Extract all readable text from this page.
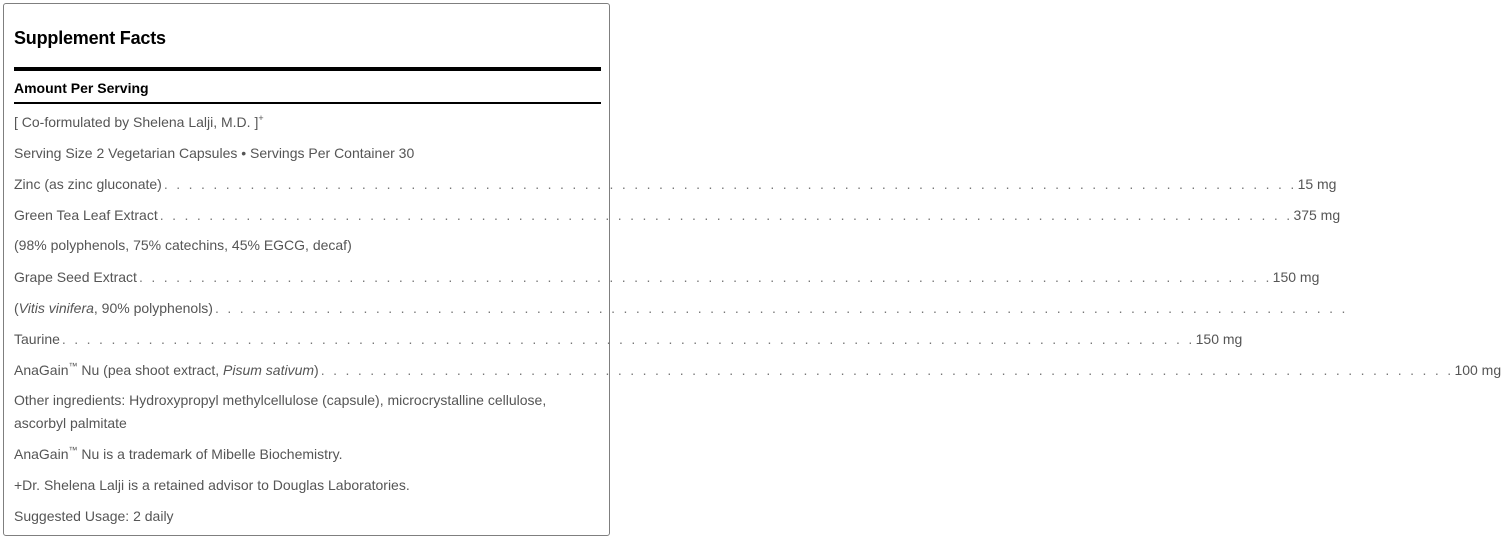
Supplement Facts
Amount Per Serving
[ Co-formulated by Shelena Lalji, M.D. ]+
Serving Size 2 Vegetarian Capsules • Servings Per Container 30
Zinc (as zinc gluconate) . . . . . . . . . . . . . . . . . . . . . . . . . . . . . . . . . . . . . . . . . . . . . . . . . . . . . . . . . . . . . . . . . . . . . . . . . . . . . . . . . . . . . . . . . . . . 15 mg
Green Tea Leaf Extract . . . . . . . . . . . . . . . . . . . . . . . . . . . . . . . . . . . . . . . . . . . . . . . . . . . . . . . . . . . . . . . . . . . . . . . . . . . . . . . . . . . . . . . . . . . . 375 mg
(98% polyphenols, 75% catechins, 45% EGCG, decaf)
Grape Seed Extract . . . . . . . . . . . . . . . . . . . . . . . . . . . . . . . . . . . . . . . . . . . . . . . . . . . . . . . . . . . . . . . . . . . . . . . . . . . . . . . . . . . . . . . . . . . . 150 mg
(Vitis vinifera, 90% polyphenols) . . . . . . . . . . . . . . . . . . . . . . . . . . . . . . . . . . . . . . . . . . . . . . . . . . . . . . . . . . . . . . . . . . . . . . . . . . . . . . . . . . . . . . . . . . . .
Taurine . . . . . . . . . . . . . . . . . . . . . . . . . . . . . . . . . . . . . . . . . . . . . . . . . . . . . . . . . . . . . . . . . . . . . . . . . . . . . . . . . . . . . . . . . . . . 150 mg
AnaGain™ Nu (pea shoot extract, Pisum sativum) . . . . . . . . . . . . . . . . . . . . . . . . . . . . . . . . . . . . . . . . . . . . . . . . . . . . . . . . . . . . . . . . . . . . . . . . . . . . . . . . . . . . . . . . . . . . 100 mg
Other ingredients: Hydroxypropyl methylcellulose (capsule), microcrystalline cellulose, ascorbyl palmitate
AnaGain™ Nu is a trademark of Mibelle Biochemistry.
+Dr. Shelena Lalji is a retained advisor to Douglas Laboratories.
Suggested Usage: 2 daily
